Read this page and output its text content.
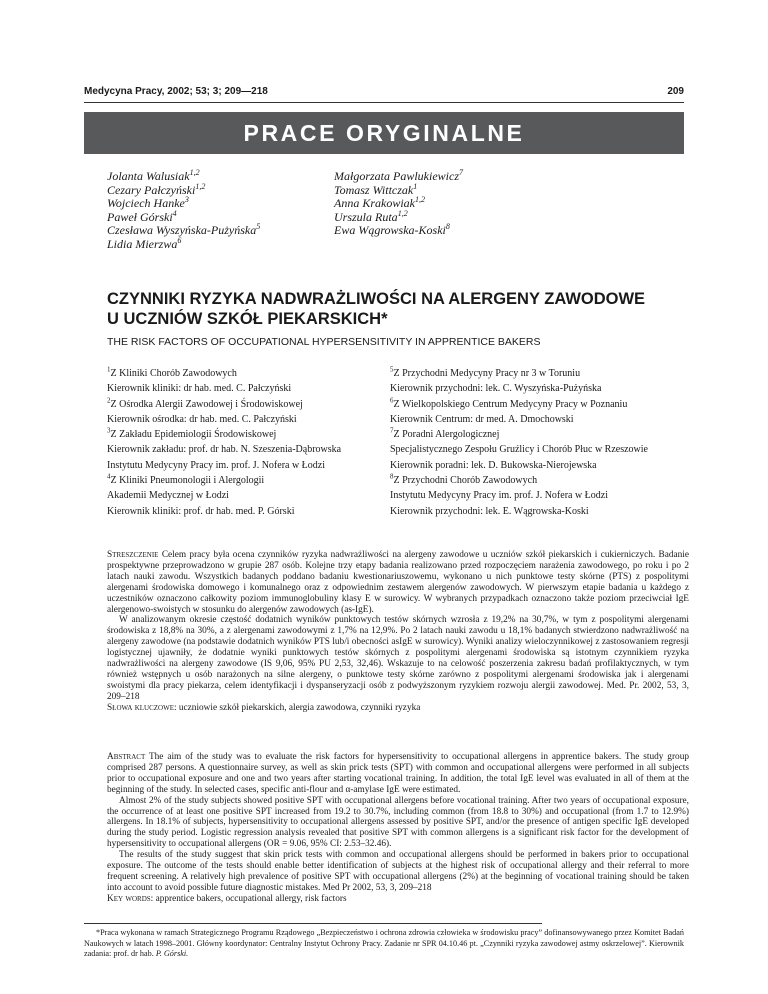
Medycyna Pracy, 2002; 53; 3; 209—218	209
PRACE ORYGINALNE
Jolanta Walusiak$^{1,2}$
Cezary Pałczyński$^{1,2}$
Wojciech Hanke$^3$
Paweł Górski$^4$
Czesława Wyszyńska-Pużyńska$^5$
Lidia Mierzwa$^6$
Małgorzata Pawlukiewicz$^7$
Tomasz Wittczak$^1$
Anna Krakowiak$^{1,2}$
Urszula Ruta$^{1,2}$
Ewa Wągrowska-Koski$^8$
CZYNNIKI RYZYKA NADWRAŻLIWOŚCI NA ALERGENY ZAWODOWE
U UCZNIÓW SZKÓŁ PIEKARSKICH*
THE RISK FACTORS OF OCCUPATIONAL HYPERSENSITIVITY IN APPRENTICE BAKERS
$^1$Z Kliniki Chorób Zawodowych
Kierownik kliniki: dr hab. med. C. Pałczyński
$^2$Z Ośrodka Alergii Zawodowej i Środowiskowej
Kierownik ośrodka: dr hab. med. C. Pałczyński
$^3$Z Zakładu Epidemiologii Środowiskowej
Kierownik zakładu: prof. dr hab. N. Szeszenia-Dąbrowska
Instytutu Medycyny Pracy im. prof. J. Nofera w Łodzi
$^4$Z Kliniki Pneumonologii i Alergologii
Akademii Medycznej w Łodzi
Kierownik kliniki: prof. dr hab. med. P. Górski
$^5$Z Przychodni Medycyny Pracy nr 3 w Toruniu
Kierownik przychodni: lek. C. Wyszyńska-Pużyńska
$^6$Z Wielkopolskiego Centrum Medycyny Pracy w Poznaniu
Kierownik Centrum: dr med. A. Dmochowski
$^7$Z Poradni Alergologicznej
Specjalistycznego Zespołu Gruźlicy i Chorób Płuc w Rzeszowie
Kierownik poradni: lek. D. Bukowska-Nierojewska
$^8$Z Przychodni Chorób Zawodowych
Instytutu Medycyny Pracy im. prof. J. Nofera w Łodzi
Kierownik przychodni: lek. E. Wągrowska-Koski

Streszczenie Celem pracy była ocena czynników ryzyka nadwrażliwości na alergeny zawodowe u uczniów szkół piekarskich i cukierniczych. Badanie prospektywne przeprowadzono w grupie 287 osób. Kolejne trzy etapy badania realizowano przed rozpoczęciem narażenia zawodowego, po roku i po 2 latach nauki zawodu. Wszystkich badanych poddano badaniu kwestionariuszowemu, wykonano u nich punktowe testy skórne (PTS) z pospolitymi alergenami środowiska domowego i komunalnego oraz z odpowiednim zestawem alergenów zawodowych. W pierwszym etapie badania u każdego z uczestników oznaczono całkowity poziom immunoglobuliny klasy E w surowicy. W wybranych przypadkach oznaczono także poziom przeciwciał IgE alergenowo-swoistych w stosunku do alergenów zawodowych (as-IgE).

W analizowanym okresie częstość dodatnich wyników punktowych testów skórnych wzrosła z 19,2% na 30,7%, w tym z pospolitymi alergenami środowiska z 18,8% na 30%, a z alergenami zawodowymi z 1,7% na 12,9%. Po 2 latach nauki zawodu u 18,1% badanych stwierdzono nadwrażliwość na alergeny zawodowe (na podstawie dodatnich wyników PTS lub/i obecności asIgE w surowicy). Wyniki analizy wieloczynnikowej z zastosowaniem regresji logistycznej ujawniły, że dodatnie wyniki punktowych testów skórnych z pospolitymi alergenami środowiska są istotnym czynnikiem ryzyka nadwrażliwości na alergeny zawodowe (IS 9,06, 95% PU 2,53, 32,46). Wskazuje to na celowość poszerzenia zakresu badań profilaktycznych, w tym również wstępnych u osób narażonych na silne alergeny, o punktowe testy skórne zarówno z pospolitymi alergenami środowiska jak i alergenami swoistymi dla pracy piekarza, celem identyfikacji i dyspanseryzacji osób z podwyższonym ryzykiem rozwoju alergii zawodowej. Med. Pr. 2002, 53, 3, 209–218

Słowa kluczowe: uczniowie szkół piekarskich, alergia zawodowa, czynniki ryzyka

Abstract The aim of the study was to evaluate the risk factors for hypersensitivity to occupational allergens in apprentice bakers. The study group comprised 287 persons. A questionnaire survey, as well as skin prick tests (SPT) with common and occupational allergens were performed in all subjects prior to occupational exposure and one and two years after starting vocational training. In addition, the total IgE level was evaluated in all of them at the beginning of the study. In selected cases, specific anti-flour and α-amylase IgE were estimated.

Almost 2% of the study subjects showed positive SPT with occupational allergens before vocational training. After two years of occupational exposure, the occurrence of at least one positive SPT increased from 19.2 to 30.7%, including common (from 18.8 to 30%) and occupational (from 1.7 to 12.9%) allergens. In 18.1% of subjects, hypersensitivity to occupational allergens assessed by positive SPT, and/or the presence of antigen specific IgE developed during the study period. Logistic regression analysis revealed that positive SPT with common allergens is a significant risk factor for the development of hypersensitivity to occupational allergens (OR = 9.06, 95% CI: 2.53–32.46).

The results of the study suggest that skin prick tests with common and occupational allergens should be performed in bakers prior to occupational exposure. The outcome of the tests should enable better identification of subjects at the highest risk of occupational allergy and their referral to more frequent screening. A relatively high prevalence of positive SPT with occupational allergens (2%) at the beginning of vocational training should be taken into account to avoid possible future diagnostic mistakes. Med Pr 2002, 53, 3, 209–218

Key words: apprentice bakers, occupational allergy, risk factors

*Praca wykonana w ramach Strategicznego Programu Rządowego „Bezpieczeństwo i ochrona zdrowia człowieka w środowisku pracy” dofinansowywanego przez Komitet Badań Naukowych w latach 1998–2001. Główny koordynator: Centralny Instytut Ochrony Pracy. Zadanie nr SPR 04.10.46 pt. „Czynniki ryzyka zawodowej astmy oskrzelowej”. Kierownik zadania: prof. dr hab. P. Górski.
